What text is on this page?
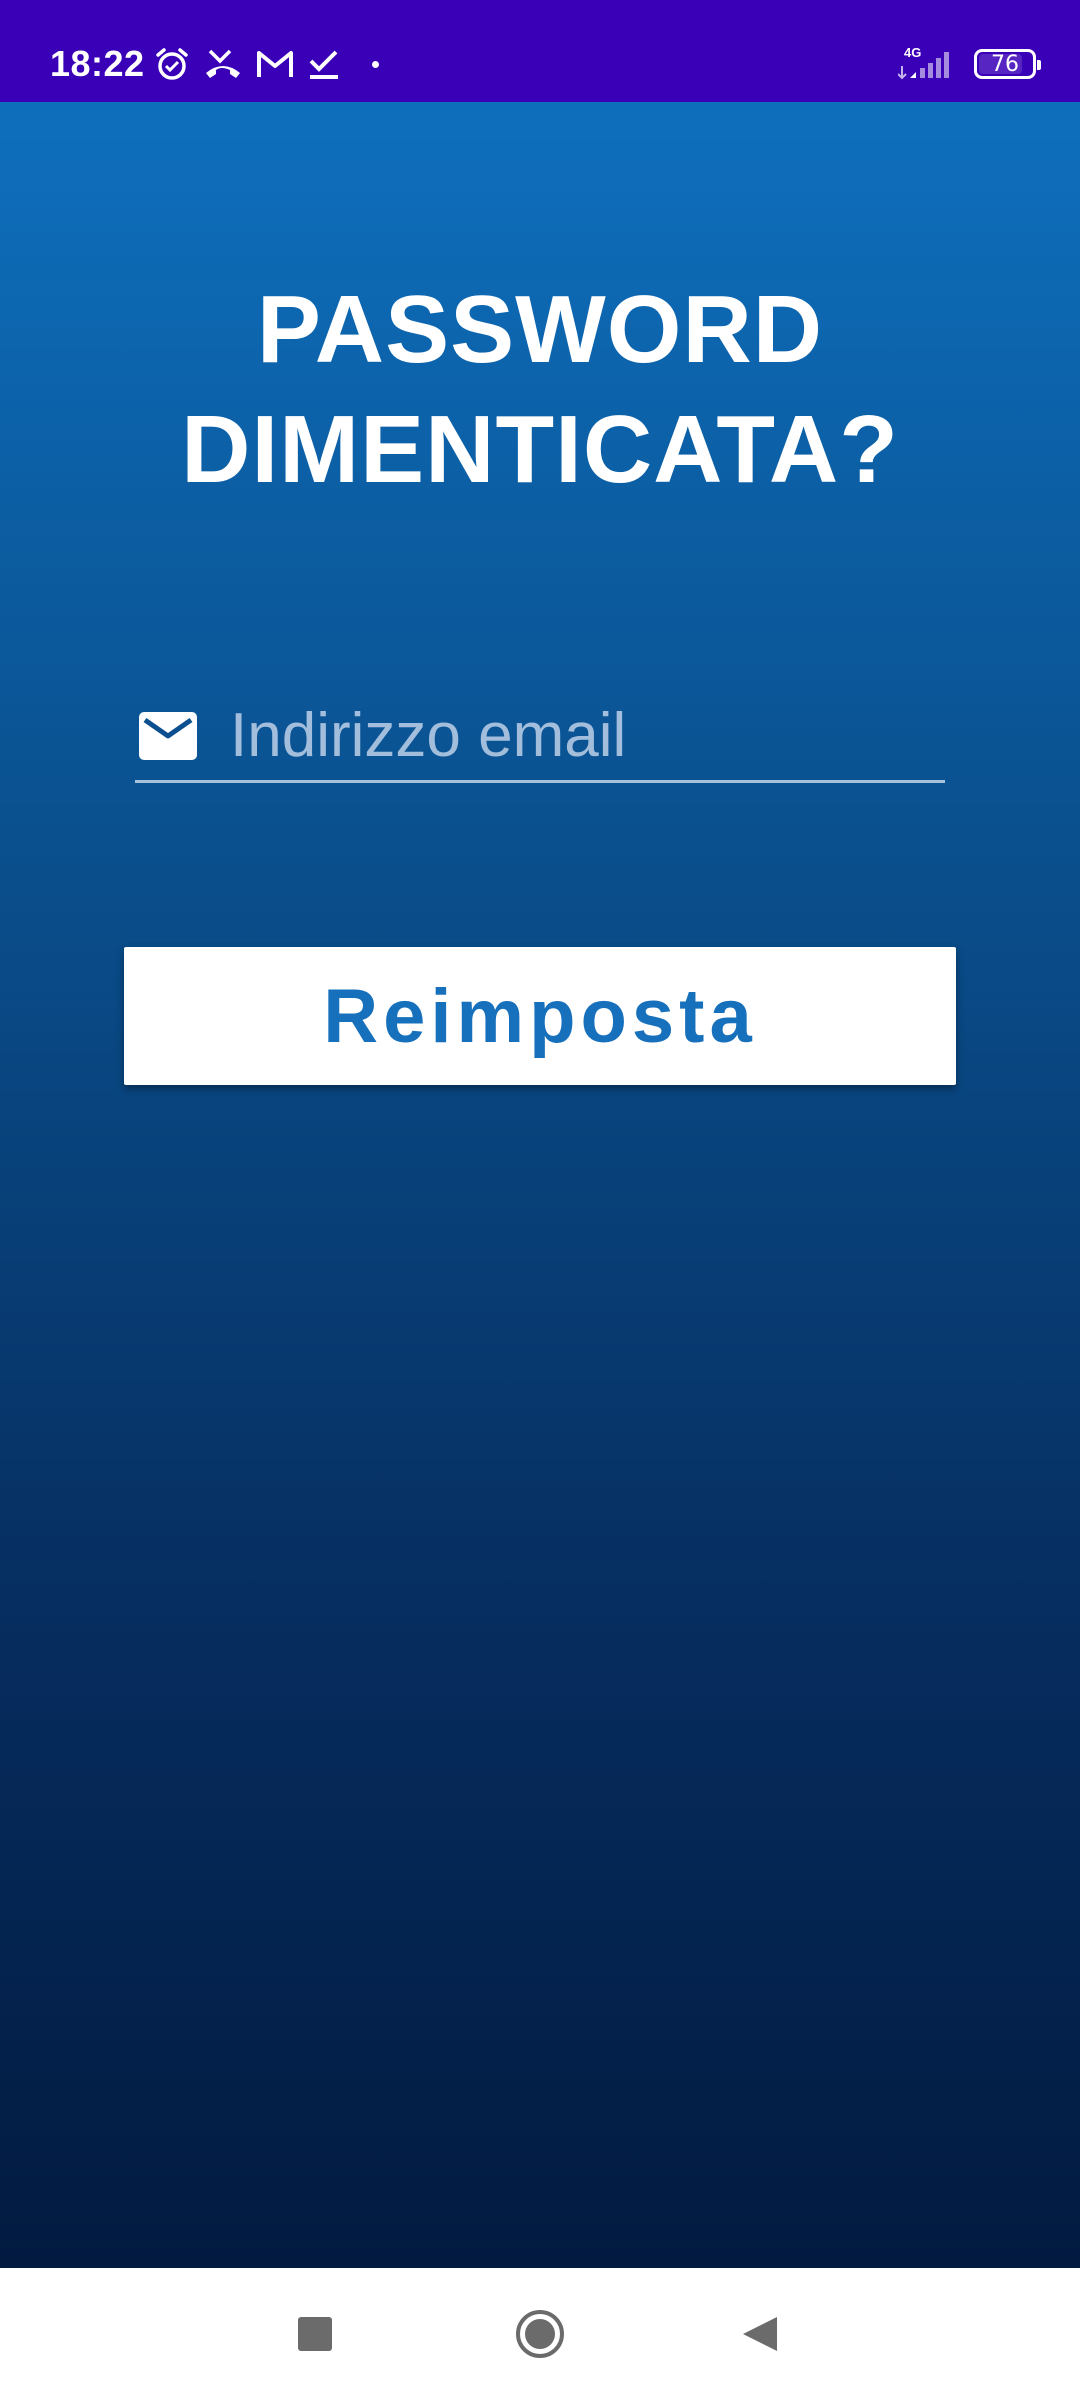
18:22	4G	76
PASSWORD
DIMENTICATA?
Indirizzo email
Reimposta
